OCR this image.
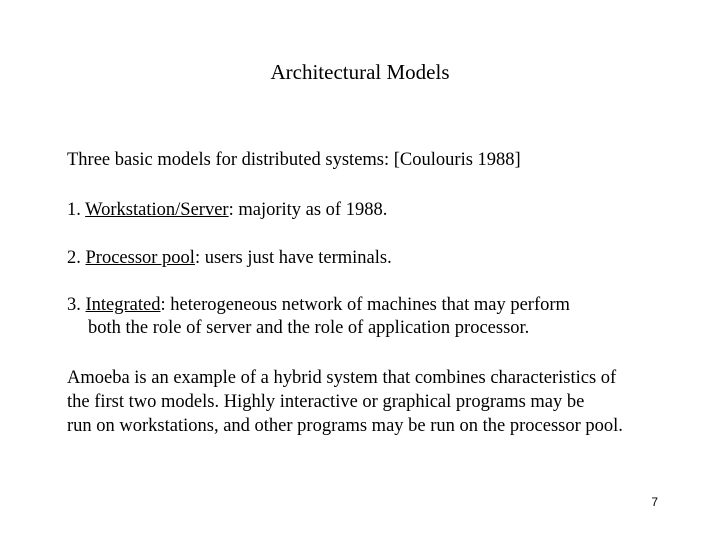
Architectural Models
Three basic models for distributed systems: [Coulouris 1988]
1. Workstation/Server: majority as of 1988.
2. Processor pool: users just have terminals.
3. Integrated: heterogeneous network of machines that may perform
both the role of server and the role of application processor.
Amoeba is an example of a hybrid system that combines characteristics of
the first two models. Highly interactive or graphical programs may be
run on workstations, and other programs may be run on the processor pool.
7
